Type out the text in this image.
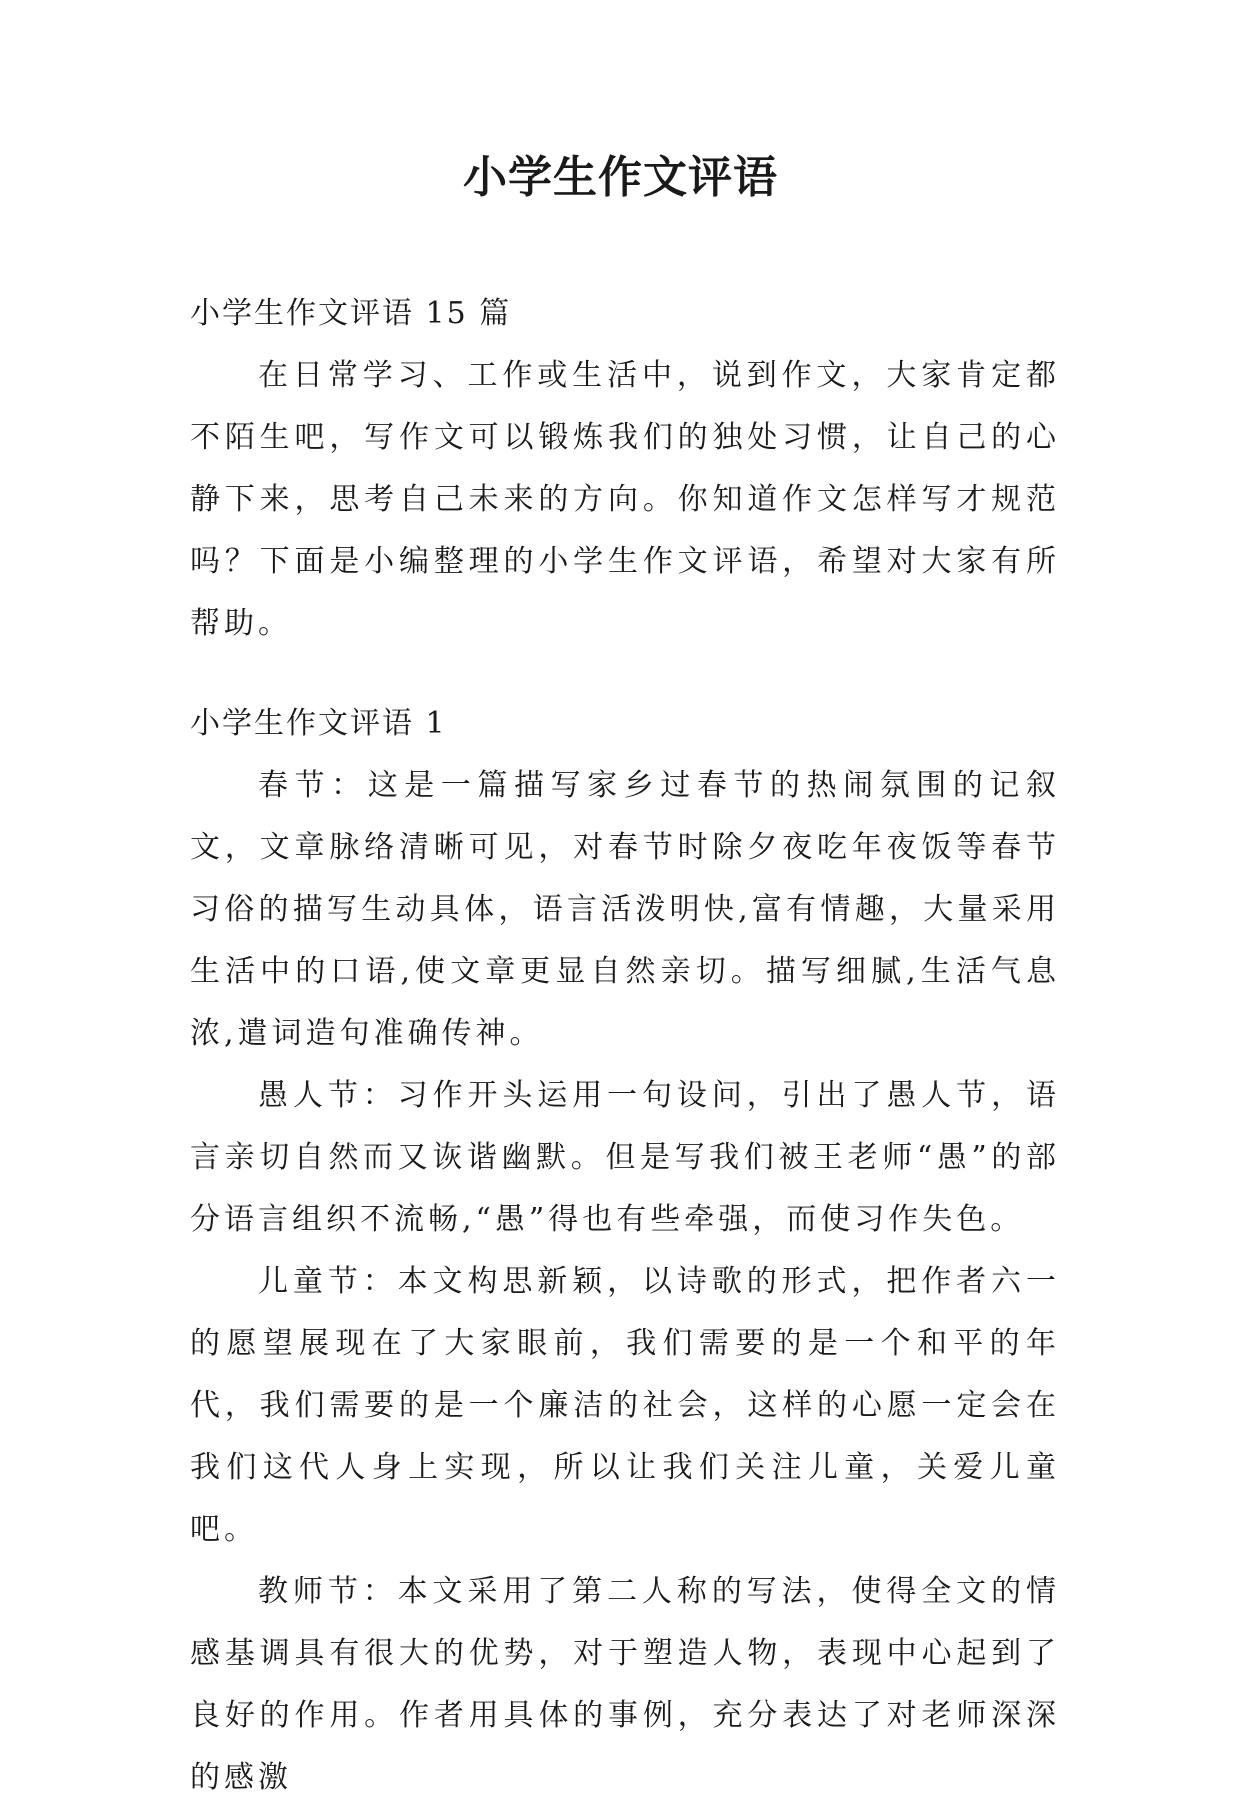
小学生作文评语

小学生作文评语 15 篇

在日常学习、工作或生活中，说到作文，大家肯定都不陌生吧，写作文可以锻炼我们的独处习惯，让自己的心静下来，思考自己未来的方向。你知道作文怎样写才规范吗？下面是小编整理的小学生作文评语，希望对大家有所帮助。

小学生作文评语 1

春节：这是一篇描写家乡过春节的热闹氛围的记叙文，文章脉络清晰可见，对春节时除夕夜吃年夜饭等春节习俗的描写生动具体，语言活泼明快,富有情趣，大量采用生活中的口语,使文章更显自然亲切。描写细腻,生活气息浓,遣词造句准确传神。

愚人节：习作开头运用一句设问，引出了愚人节，语言亲切自然而又诙谐幽默。但是写我们被王老师“愚”的部分语言组织不流畅,“愚”得也有些牵强，而使习作失色。

儿童节：本文构思新颖，以诗歌的形式，把作者六一的愿望展现在了大家眼前，我们需要的是一个和平的年代，我们需要的是一个廉洁的社会，这样的心愿一定会在我们这代人身上实现，所以让我们关注儿童，关爱儿童吧。

教师节：本文采用了第二人称的写法，使得全文的情感基调具有很大的优势，对于塑造人物，表现中心起到了良好的作用。作者用具体的事例，充分表达了对老师深深的感激
